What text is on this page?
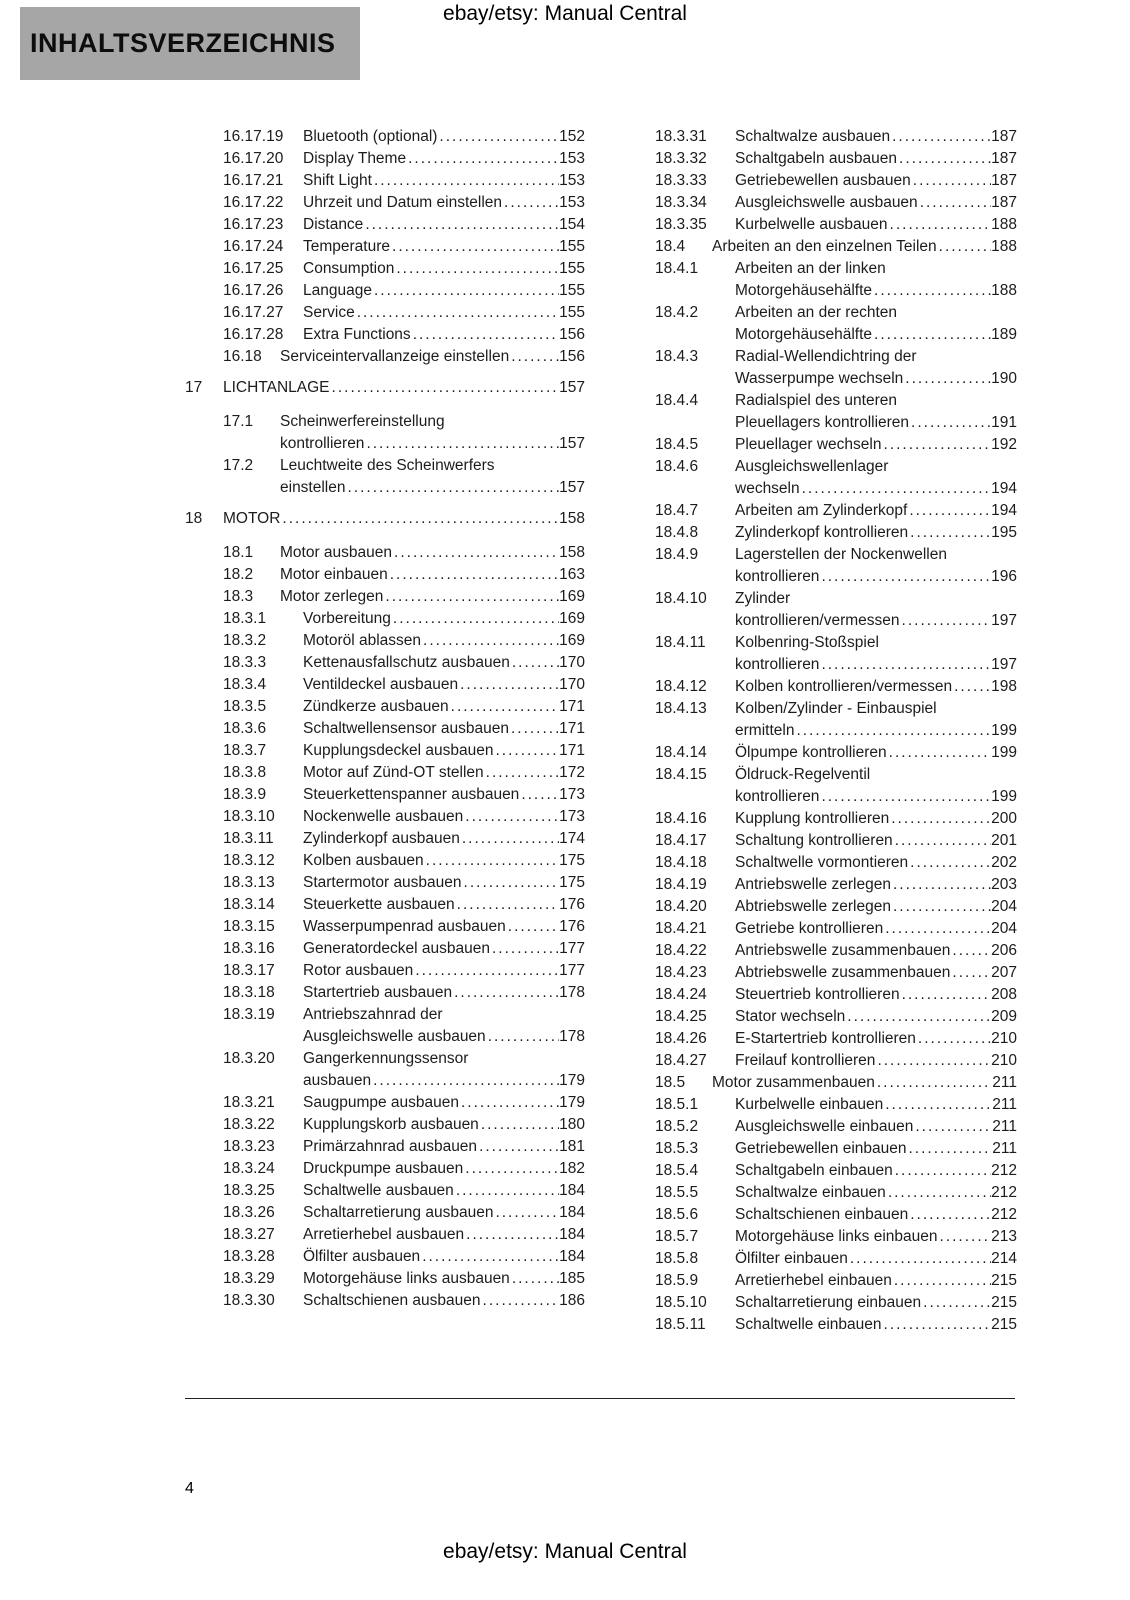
ebay/etsy: Manual Central
INHALTSVERZEICHNIS
16.17.19 Bluetooth (optional) .....	152
16.17.20 Display Theme .....	153
16.17.21 Shift Light .....	153
16.17.22 Uhrzeit und Datum einstellen .....	153
16.17.23 Distance .....	154
16.17.24 Temperature .....	155
16.17.25 Consumption .....	155
16.17.26 Language .....	155
16.17.27 Service .....	155
16.17.28 Extra Functions .....	156
16.18 Serviceintervallanzeige einstellen .....	156
17 LICHTANLAGE .....	157
17.1 Scheinwerfereinstellung
kontrollieren .....	157
17.2 Leuchtweite des Scheinwerfers
einstellen .....	157
18 MOTOR .....	158
18.1 Motor ausbauen .....	158
18.2 Motor einbauen .....	163
18.3 Motor zerlegen .....	169
18.3.1 Vorbereitung .....	169
18.3.2 Motoröl ablassen .....	169
18.3.3 Kettenausfallschutz ausbauen .....	170
18.3.4 Ventildeckel ausbauen .....	170
18.3.5 Zündkerze ausbauen .....	171
18.3.6 Schaltwellensensor ausbauen .....	171
18.3.7 Kupplungsdeckel ausbauen .....	171
18.3.8 Motor auf Zünd-OT stellen .....	172
18.3.9 Steuerkettenspanner ausbauen .....	173
18.3.10 Nockenwelle ausbauen .....	173
18.3.11 Zylinderkopf ausbauen .....	174
18.3.12 Kolben ausbauen .....	175
18.3.13 Startermotor ausbauen .....	175
18.3.14 Steuerkette ausbauen .....	176
18.3.15 Wasserpumpenrad ausbauen .....	176
18.3.16 Generatordeckel ausbauen .....	177
18.3.17 Rotor ausbauen .....	177
18.3.18 Startertrieb ausbauen .....	178
18.3.19 Antriebszahnrad der
Ausgleichswelle ausbauen .....	178
18.3.20 Gangerkennungssensor
ausbauen .....	179
18.3.21 Saugpumpe ausbauen .....	179
18.3.22 Kupplungskorb ausbauen .....	180
18.3.23 Primärzahnrad ausbauen .....	181
18.3.24 Druckpumpe ausbauen .....	182
18.3.25 Schaltwelle ausbauen .....	184
18.3.26 Schaltarretierung ausbauen .....	184
18.3.27 Arretierhebel ausbauen .....	184
18.3.28 Ölfilter ausbauen .....	184
18.3.29 Motorgehäuse links ausbauen .....	185
18.3.30 Schaltschienen ausbauen .....	186
18.3.31 Schaltwalze ausbauen .....	187
18.3.32 Schaltgabeln ausbauen .....	187
18.3.33 Getriebewellen ausbauen .....	187
18.3.34 Ausgleichswelle ausbauen .....	187
18.3.35 Kurbelwelle ausbauen .....	188
18.4 Arbeiten an den einzelnen Teilen .....	188
18.4.1 Arbeiten an der linken
Motorgehäusehälfte .....	188
18.4.2 Arbeiten an der rechten
Motorgehäusehälfte .....	189
18.4.3 Radial-Wellendichtring der
Wasserpumpe wechseln .....	190
18.4.4 Radialspiel des unteren
Pleuellagers kontrollieren .....	191
18.4.5 Pleuellager wechseln .....	192
18.4.6 Ausgleichswellenlager
wechseln .....	194
18.4.7 Arbeiten am Zylinderkopf .....	194
18.4.8 Zylinderkopf kontrollieren .....	195
18.4.9 Lagerstellen der Nockenwellen
kontrollieren .....	196
18.4.10 Zylinder
kontrollieren/vermessen .....	197
18.4.11 Kolbenring-Stoßspiel
kontrollieren .....	197
18.4.12 Kolben kontrollieren/vermessen .....	198
18.4.13 Kolben/Zylinder - Einbauspiel
ermitteln .....	199
18.4.14 Ölpumpe kontrollieren .....	199
18.4.15 Öldruck-Regelventil
kontrollieren .....	199
18.4.16 Kupplung kontrollieren .....	200
18.4.17 Schaltung kontrollieren .....	201
18.4.18 Schaltwelle vormontieren .....	202
18.4.19 Antriebswelle zerlegen .....	203
18.4.20 Abtriebswelle zerlegen .....	204
18.4.21 Getriebe kontrollieren .....	204
18.4.22 Antriebswelle zusammenbauen .....	206
18.4.23 Abtriebswelle zusammenbauen .....	207
18.4.24 Steuertrieb kontrollieren .....	208
18.4.25 Stator wechseln .....	209
18.4.26 E-Startertrieb kontrollieren .....	210
18.4.27 Freilauf kontrollieren .....	210
18.5 Motor zusammenbauen .....	211
18.5.1 Kurbelwelle einbauen .....	211
18.5.2 Ausgleichswelle einbauen .....	211
18.5.3 Getriebewellen einbauen .....	211
18.5.4 Schaltgabeln einbauen .....	212
18.5.5 Schaltwalze einbauen .....	212
18.5.6 Schaltschienen einbauen .....	212
18.5.7 Motorgehäuse links einbauen .....	213
18.5.8 Ölfilter einbauen .....	214
18.5.9 Arretierhebel einbauen .....	215
18.5.10 Schaltarretierung einbauen .....	215
18.5.11 Schaltwelle einbauen .....	215
4
ebay/etsy: Manual Central
